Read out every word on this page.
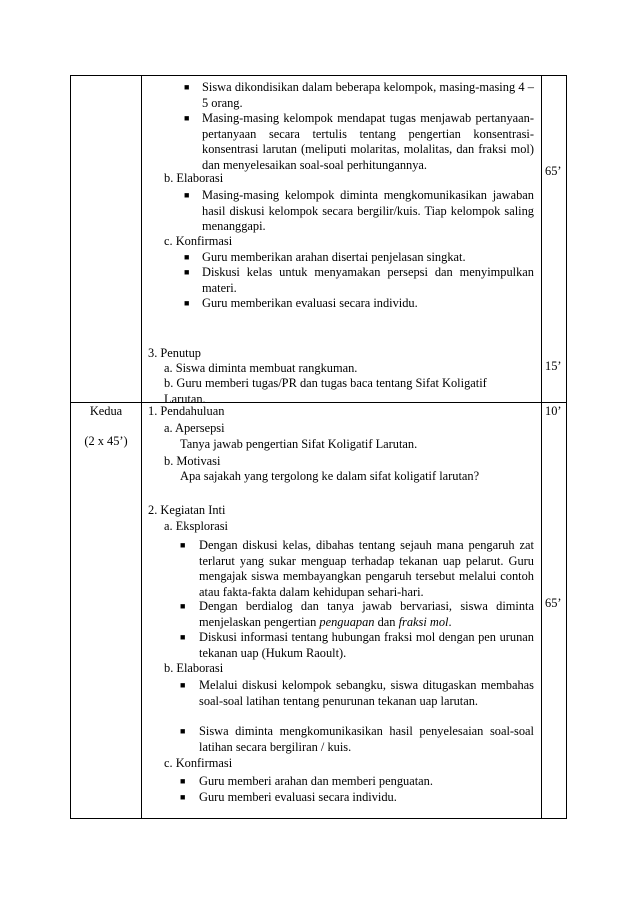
■
Siswa dikondisikan dalam beberapa kelompok, masing-masing 4 – 5 orang.
■
Masing-masing kelompok mendapat tugas menjawab pertanyaan-pertanyaan secara tertulis tentang pengertian konsentrasi-konsentrasi larutan (meliputi molaritas, molalitas, dan fraksi mol) dan menyelesaikan soal-soal perhitungannya.
b. Elaborasi
■
Masing-masing kelompok diminta mengkomunikasikan jawaban hasil diskusi kelompok secara bergilir/kuis. Tiap kelompok saling menanggapi.
c. Konfirmasi
■
Guru memberikan arahan disertai penjelasan singkat.
■
Diskusi kelas untuk menyamakan persepsi dan menyimpulkan materi.
■
Guru memberikan evaluasi secara individu.
65’
3. Penutup
a. Siswa diminta membuat rangkuman.
b. Guru memberi tugas/PR dan tugas baca tentang Sifat Koligatif Larutan.
15’
Kedua
(2 x 45’)
1. Pendahuluan	10’
a. Apersepsi
Tanya jawab pengertian Sifat Koligatif Larutan.
b. Motivasi
Apa sajakah yang tergolong ke dalam sifat koligatif larutan?
2. Kegiatan Inti
65’
a. Eksplorasi
■
Dengan diskusi kelas, dibahas tentang sejauh mana pengaruh zat terlarut yang sukar menguap terhadap tekanan uap pelarut. Guru mengajak siswa membayangkan pengaruh tersebut melalui contoh atau fakta-fakta dalam kehidupan sehari-hari.
■
Dengan berdialog dan tanya jawab bervariasi, siswa diminta menjelaskan pengertian penguapan dan fraksi mol.
■
Diskusi informasi tentang hubungan fraksi mol dengan pen urunan tekanan uap (Hukum Raoult).
b. Elaborasi
■
Melalui diskusi kelompok sebangku, siswa ditugaskan membahas soal-soal latihan tentang penurunan tekanan uap larutan.
■
Siswa diminta mengkomunikasikan hasil penyelesaian soal-soal latihan secara bergiliran / kuis.
c. Konfirmasi
■
Guru memberi arahan dan memberi penguatan.
■
Guru memberi evaluasi secara individu.
